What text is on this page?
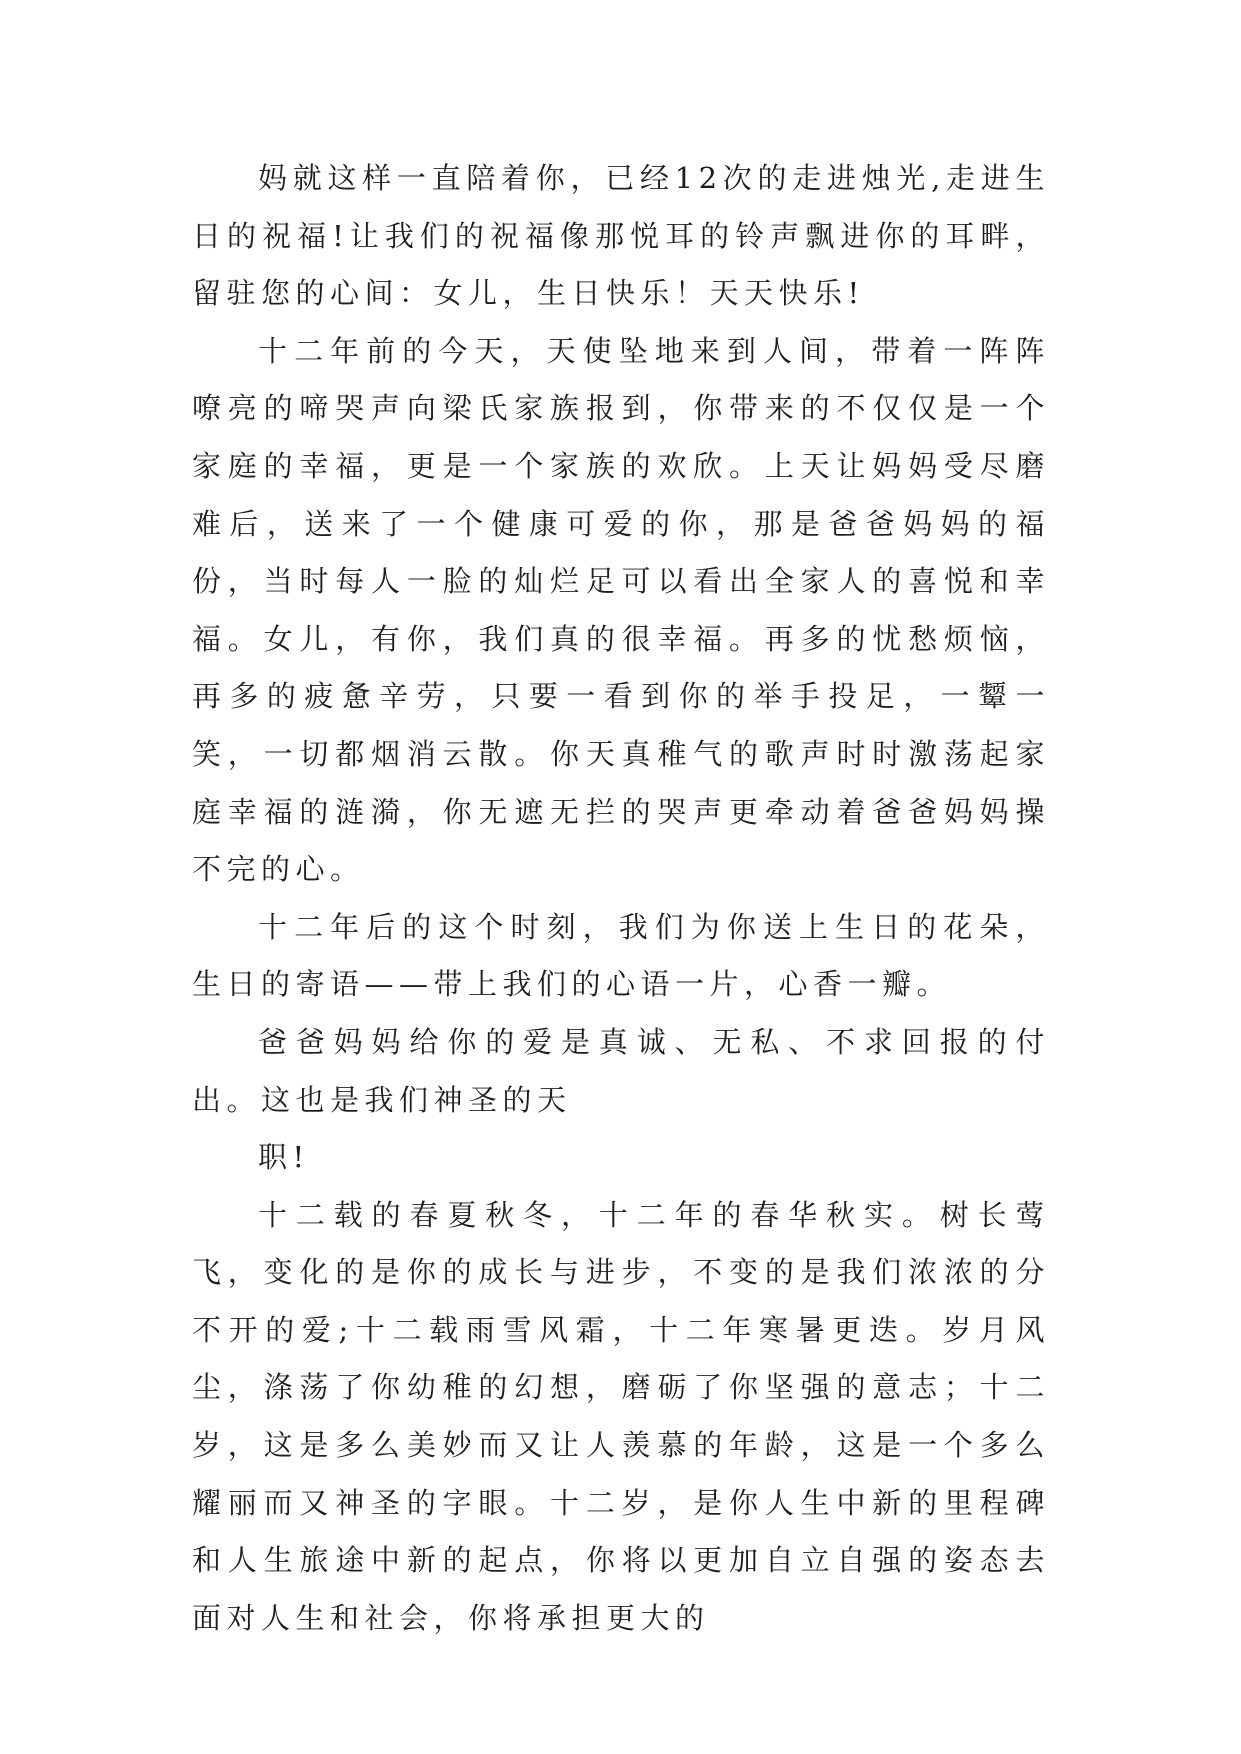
妈就这样一直陪着你，已经12次的走进烛光,走进生日的祝福!让我们的祝福像那悦耳的铃声飘进你的耳畔，留驻您的心间：女儿，生日快乐！天天快乐!

十二年前的今天，天使坠地来到人间，带着一阵阵嘹亮的啼哭声向梁氏家族报到，你带来的不仅仅是一个家庭的幸福，更是一个家族的欢欣。上天让妈妈受尽磨难后，送来了一个健康可爱的你，那是爸爸妈妈的福份，当时每人一脸的灿烂足可以看出全家人的喜悦和幸福。女儿，有你，我们真的很幸福。再多的忧愁烦恼，再多的疲惫辛劳，只要一看到你的举手投足，一颦一笑，一切都烟消云散。你天真稚气的歌声时时激荡起家庭幸福的涟漪，你无遮无拦的哭声更牵动着爸爸妈妈操不完的心。

十二年后的这个时刻，我们为你送上生日的花朵，生日的寄语——带上我们的心语一片，心香一瓣。

爸爸妈妈给你的爱是真诚、无私、不求回报的付出。这也是我们神圣的天

职!

十二载的春夏秋冬，十二年的春华秋实。树长莺飞，变化的是你的成长与进步，不变的是我们浓浓的分不开的爱;十二载雨雪风霜，十二年寒暑更迭。岁月风尘，涤荡了你幼稚的幻想，磨砺了你坚强的意志；十二岁，这是多么美妙而又让人羡慕的年龄，这是一个多么耀丽而又神圣的字眼。十二岁，是你人生中新的里程碑和人生旅途中新的起点，你将以更加自立自强的姿态去面对人生和社会，你将承担更大的
